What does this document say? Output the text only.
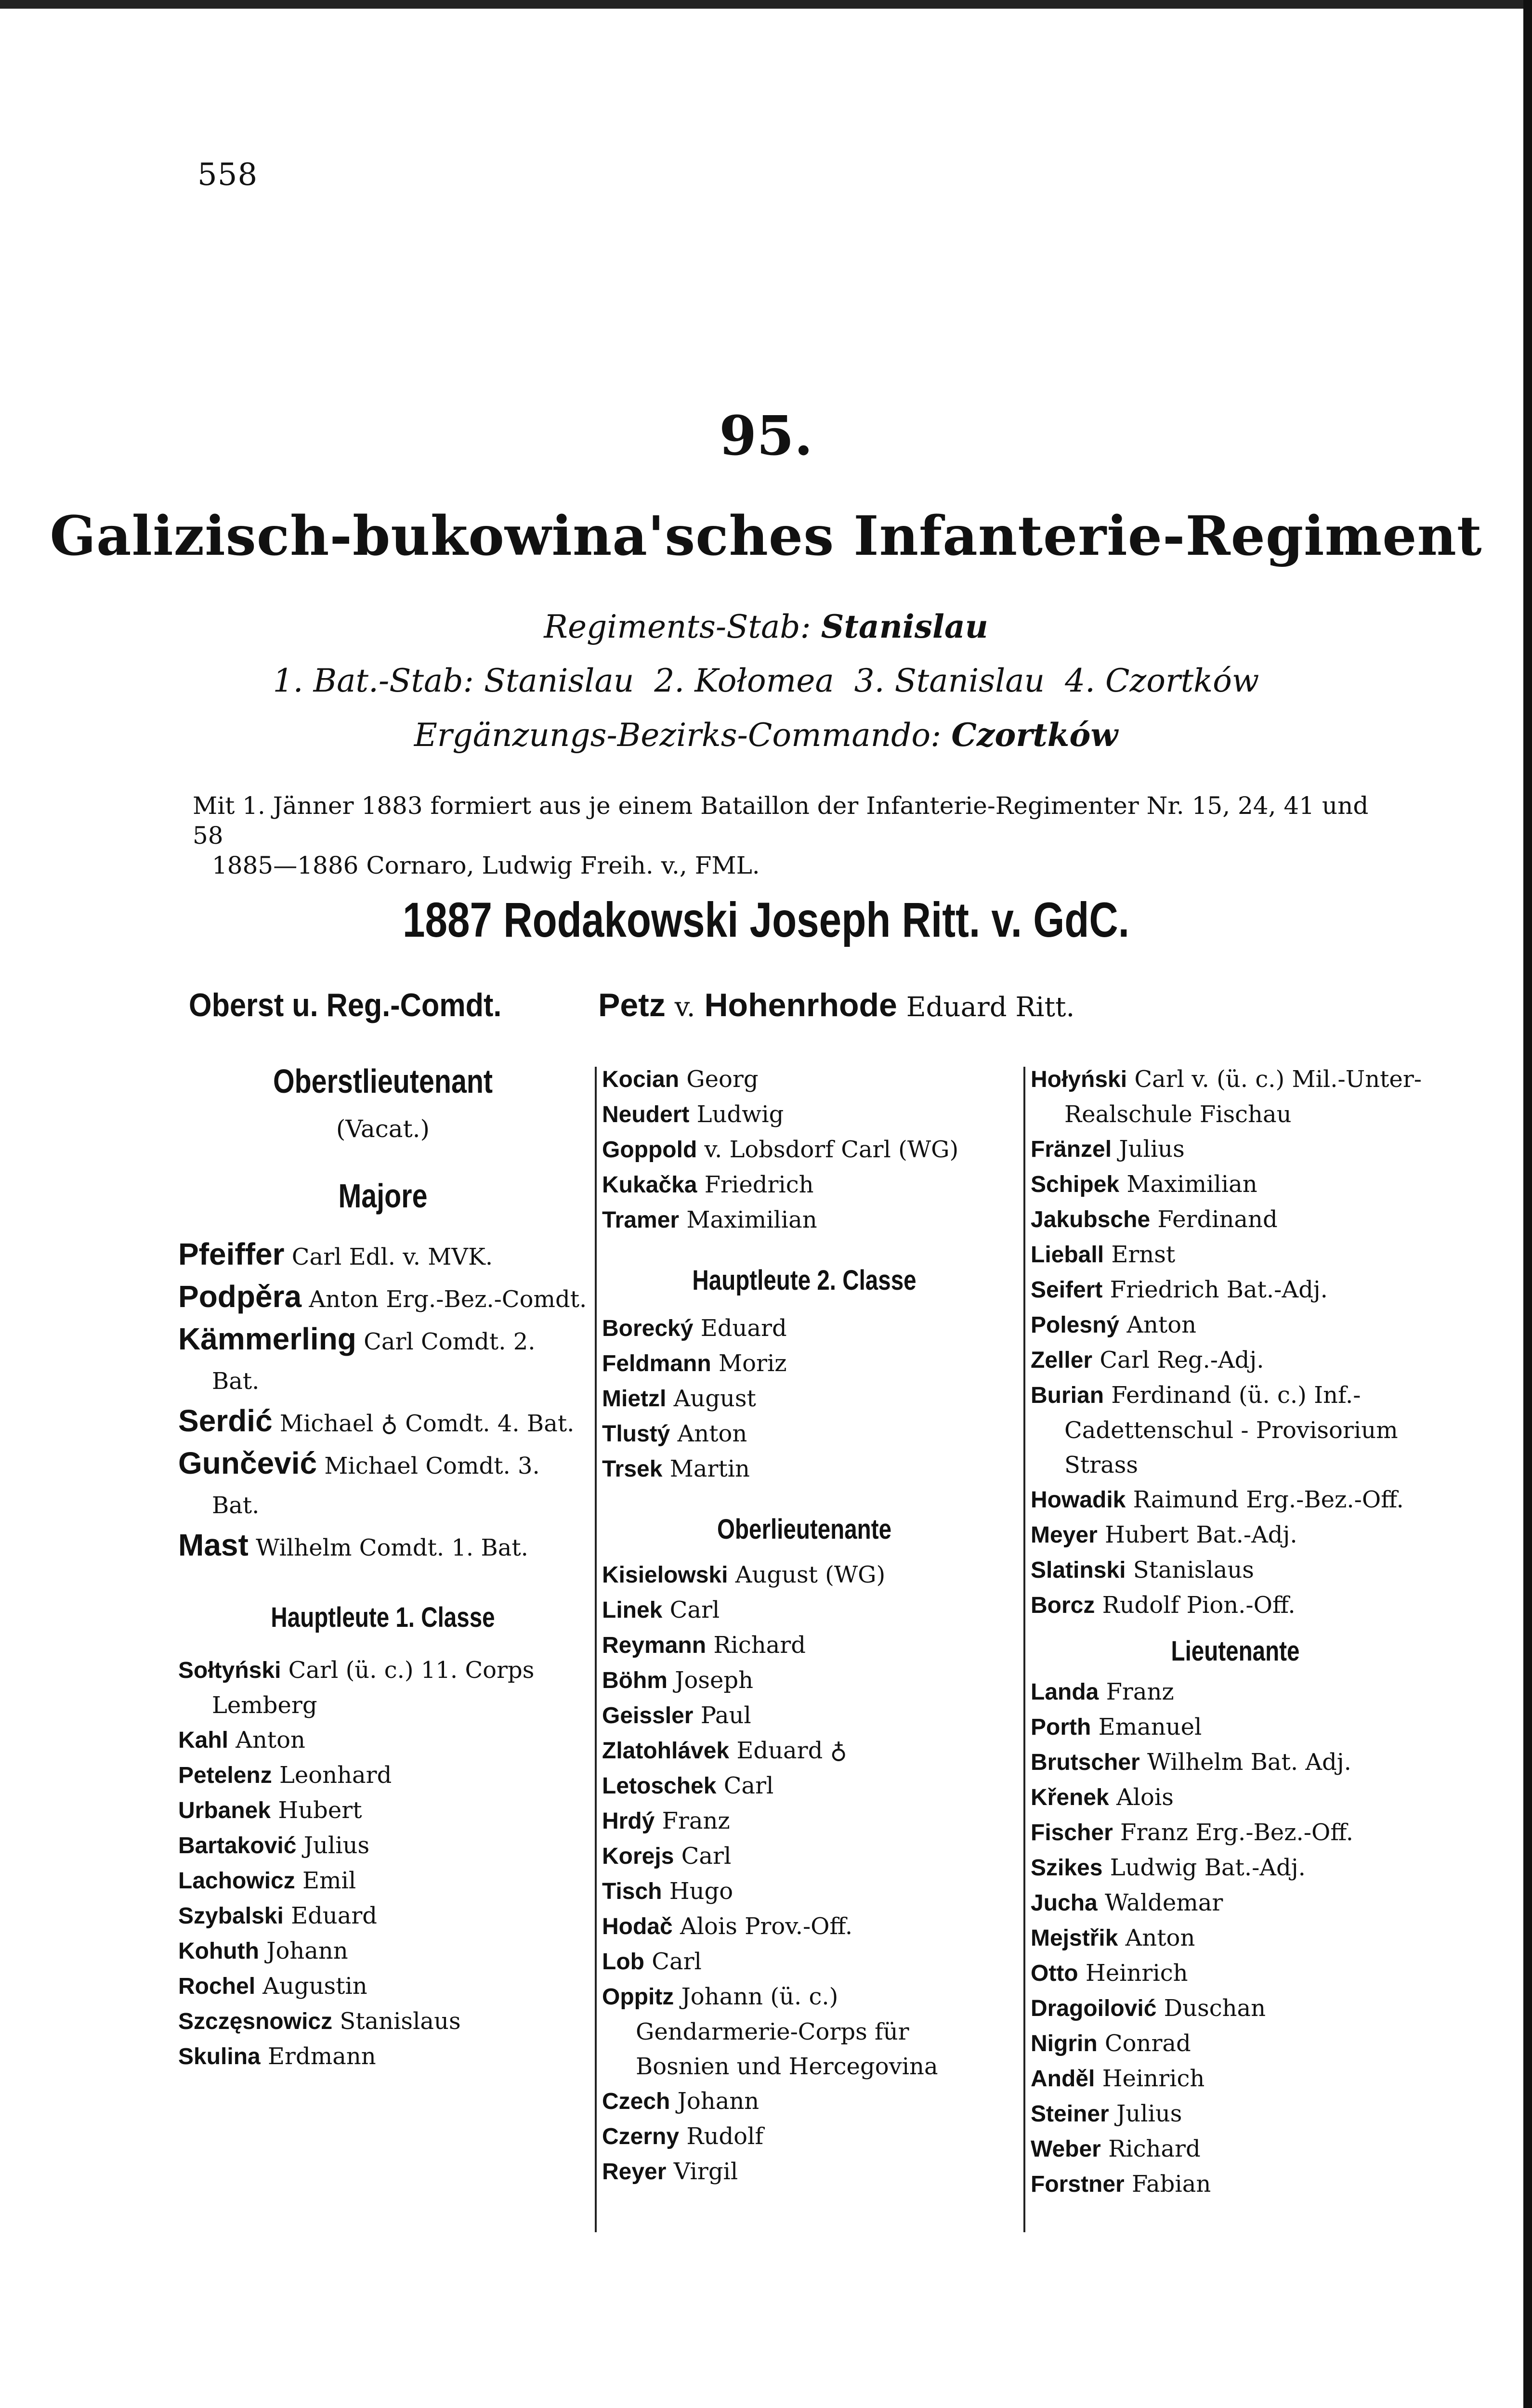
558
95.
Galizisch-bukowina'sches Infanterie-Regiment
Regiments-Stab: Stanislau
1. Bat.-Stab: Stanislau  2. Kołomea  3. Stanislau  4. Czortków
Ergänzungs-Bezirks-Commando: Czortków
Mit 1. Jänner 1883 formiert aus je einem Bataillon der Infanterie-Regimenter Nr. 15, 24, 41 und 58
1885—1886 Cornaro, Ludwig Freih. v., FML.
1887 Rodakowski Joseph Ritt. v. GdC.
Oberst u. Reg.-Comdt.	Petz v. Hohenrhode Eduard Ritt.
Oberstlieutenant

(Vacat.)

Majore
Pfeiffer Carl Edl. v. MVK.
Podpěra Anton Erg.-Bez.-Comdt.
Kämmerling Carl Comdt. 2. Bat.
Serdić Michael ♁ Comdt. 4. Bat.
Gunčević Michael Comdt. 3. Bat.
Mast Wilhelm Comdt. 1. Bat.
Hauptleute 1. Classe
Sołtyński Carl (ü. c.) 11. Corps Lemberg
Kahl Anton
Petelenz Leonhard
Urbanek Hubert
Bartaković Julius
Lachowicz Emil
Szybalski Eduard
Kohuth Johann
Rochel Augustin
Szczęsnowicz Stanislaus
Skulina Erdmann
Kocian Georg
Neudert Ludwig
Goppold v. Lobsdorf Carl (WG)
Kukačka Friedrich
Tramer Maximilian
Hauptleute 2. Classe
Borecký Eduard
Feldmann Moriz
Mietzl August
Tlustý Anton
Trsek Martin
Oberlieutenante
Kisielowski August (WG)
Linek Carl
Reymann Richard
Böhm Joseph
Geissler Paul
Zlatohlávek Eduard ♁
Letoschek Carl
Hrdý Franz
Korejs Carl
Tisch Hugo
Hodač Alois Prov.-Off.
Lob Carl
Oppitz Johann (ü. c.) Gendarmerie-Corps für Bosnien und Hercegovina
Czech Johann
Czerny Rudolf
Reyer Virgil
Hołyński Carl v. (ü. c.) Mil.-Unter-Realschule Fischau
Fränzel Julius
Schipek Maximilian
Jakubsche Ferdinand
Lieball Ernst
Seifert Friedrich Bat.-Adj.
Polesný Anton
Zeller Carl Reg.-Adj.
Burian Ferdinand (ü. c.) Inf.-Cadettenschul - Provisorium Strass
Howadik Raimund Erg.-Bez.-Off.
Meyer Hubert Bat.-Adj.
Slatinski Stanislaus
Borcz Rudolf Pion.-Off.
Lieutenante
Landa Franz
Porth Emanuel
Brutscher Wilhelm Bat. Adj.
Křenek Alois
Fischer Franz Erg.-Bez.-Off.
Szikes Ludwig Bat.-Adj.
Jucha Waldemar
Mejstřik Anton
Otto Heinrich
Dragoilović Duschan
Nigrin Conrad
Anděl Heinrich
Steiner Julius
Weber Richard
Forstner Fabian
